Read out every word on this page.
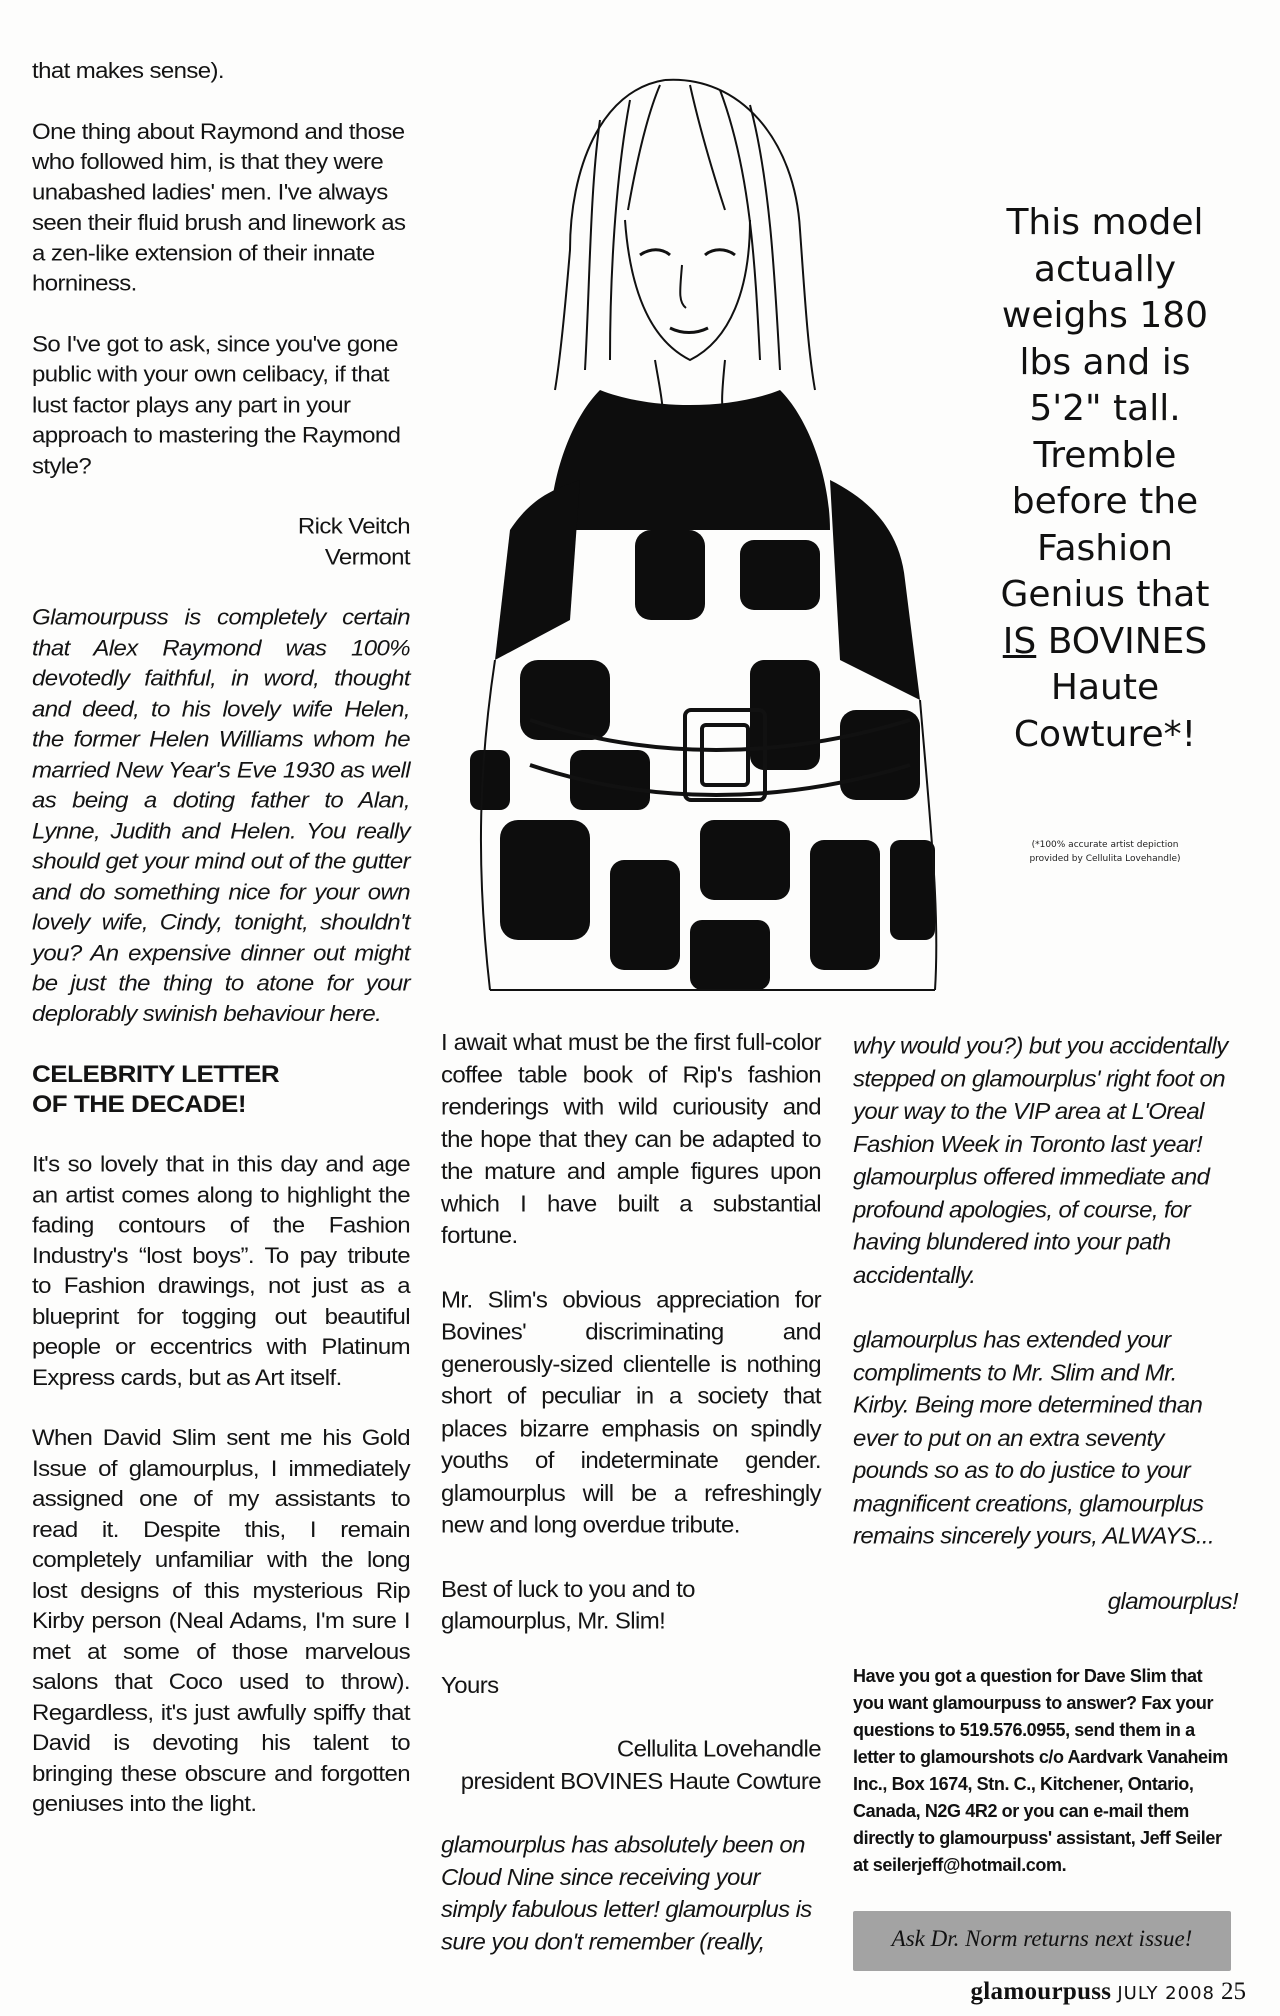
that makes sense).

One thing about Raymond and those who followed him, is that they were unabashed ladies' men. I've always seen their fluid brush and linework as a zen-like extension of their innate horniness.

So I've got to ask, since you've gone public with your own celibacy, if that lust factor plays any part in your approach to mastering the Raymond style?

Rick Veitch
Vermont

Glamourpuss is completely certain that Alex Raymond was 100% devotedly faithful, in word, thought and deed, to his lovely wife Helen, the former Helen Williams whom he married New Year's Eve 1930 as well as being a doting father to Alan, Lynne, Judith and Helen. You really should get your mind out of the gutter and do something nice for your own lovely wife, Cindy, tonight, shouldn't you? An expensive dinner out might be just the thing to atone for your deplorably swinish behaviour here.

CELEBRITY LETTER
OF THE DECADE!

It's so lovely that in this day and age an artist comes along to highlight the fading contours of the Fashion Industry's “lost boys”. To pay tribute to Fashion drawings, not just as a blueprint for togging out beautiful people or eccentrics with Platinum Express cards, but as Art itself.

When David Slim sent me his Gold Issue of glamourplus, I immediately assigned one of my assistants to read it. Despite this, I remain completely unfamiliar with the long lost designs of this mysterious Rip Kirby person (Neal Adams, I'm sure I met at some of those marvelous salons that Coco used to throw). Regardless, it's just awfully spiffy that David is devoting his talent to bringing these obscure and forgotten geniuses into the light.

This model actually weighs 180 lbs and is 5'2" tall. Tremble before the Fashion Genius that IS BOVINES Haute Cowture*!
(*100% accurate artist depiction provided by Cellulita Lovehandle)

I await what must be the first full-color coffee table book of Rip's fashion renderings with wild curiousity and the hope that they can be adapted to the mature and ample figures upon which I have built a substantial fortune.

Mr. Slim's obvious appreciation for Bovines' discriminating and generously-sized clientelle is nothing short of peculiar in a society that places bizarre emphasis on spindly youths of indeterminate gender. glamourplus will be a refreshingly new and long overdue tribute.

Best of luck to you and to glamourplus, Mr. Slim!

Yours

Cellulita Lovehandle
president BOVINES Haute Cowture

glamourplus has absolutely been on Cloud Nine since receiving your simply fabulous letter! glamourplus is sure you don't remember (really,

why would you?) but you accidentally stepped on glamourplus' right foot on your way to the VIP area at L'Oreal Fashion Week in Toronto last year! glamourplus offered immediate and profound apologies, of course, for having blundered into your path accidentally.

glamourplus has extended your compliments to Mr. Slim and Mr. Kirby. Being more determined than ever to put on an extra seventy pounds so as to do justice to your magnificent creations, glamourplus remains sincerely yours, ALWAYS...

glamourplus!

Have you got a question for Dave Slim that you want glamourpuss to answer? Fax your questions to 519.576.0955, send them in a letter to glamourshots c/o Aardvark Vanaheim Inc., Box 1674, Stn. C., Kitchener, Ontario, Canada, N2G 4R2 or you can e-mail them directly to glamourpuss' assistant, Jeff Seiler at seilerjeff@hotmail.com.
Ask Dr. Norm returns next issue!
glamourpuss JULY 2008 25
